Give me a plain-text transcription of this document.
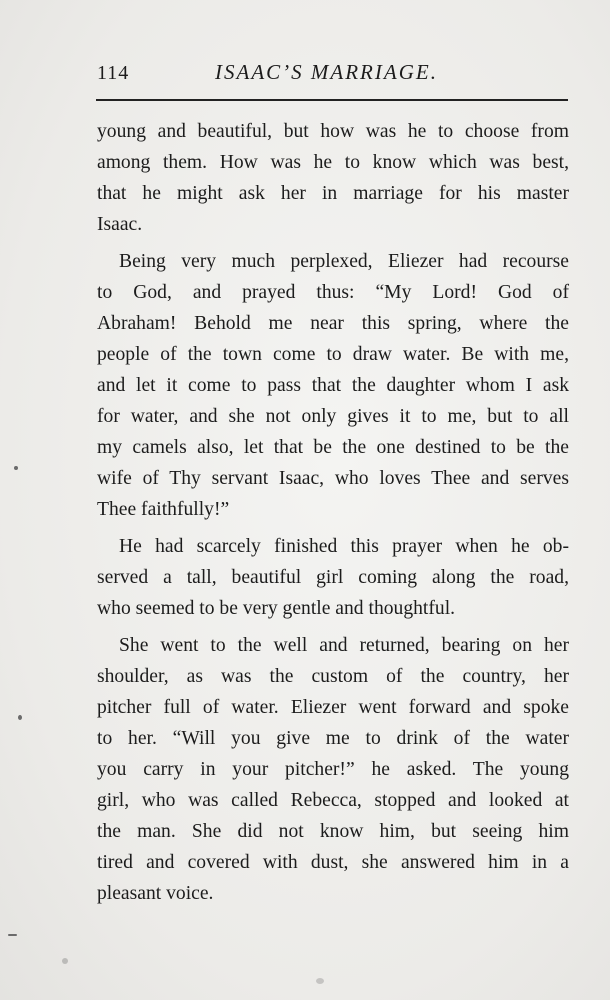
114	ISAAC’S MARRIAGE.
young and beautiful, but how was he to choose from
among them. How was he to know which was best,
that he might ask her in marriage for his master
Isaac.
Being very much perplexed, Eliezer had recourse
to God, and prayed thus: “My Lord! God of
Abraham! Behold me near this spring, where the
people of the town come to draw water. Be with me,
and let it come to pass that the daughter whom I ask
for water, and she not only gives it to me, but to all
my camels also, let that be the one destined to be the
wife of Thy servant Isaac, who loves Thee and serves
Thee faithfully!”
He had scarcely finished this prayer when he ob-
served a tall, beautiful girl coming along the road,
who seemed to be very gentle and thoughtful.
She went to the well and returned, bearing on her
shoulder, as was the custom of the country, her
pitcher full of water. Eliezer went forward and spoke
to her. “Will you give me to drink of the water
you carry in your pitcher!” he asked. The young
girl, who was called Rebecca, stopped and looked at
the man. She did not know him, but seeing him
tired and covered with dust, she answered him in a
pleasant voice.
